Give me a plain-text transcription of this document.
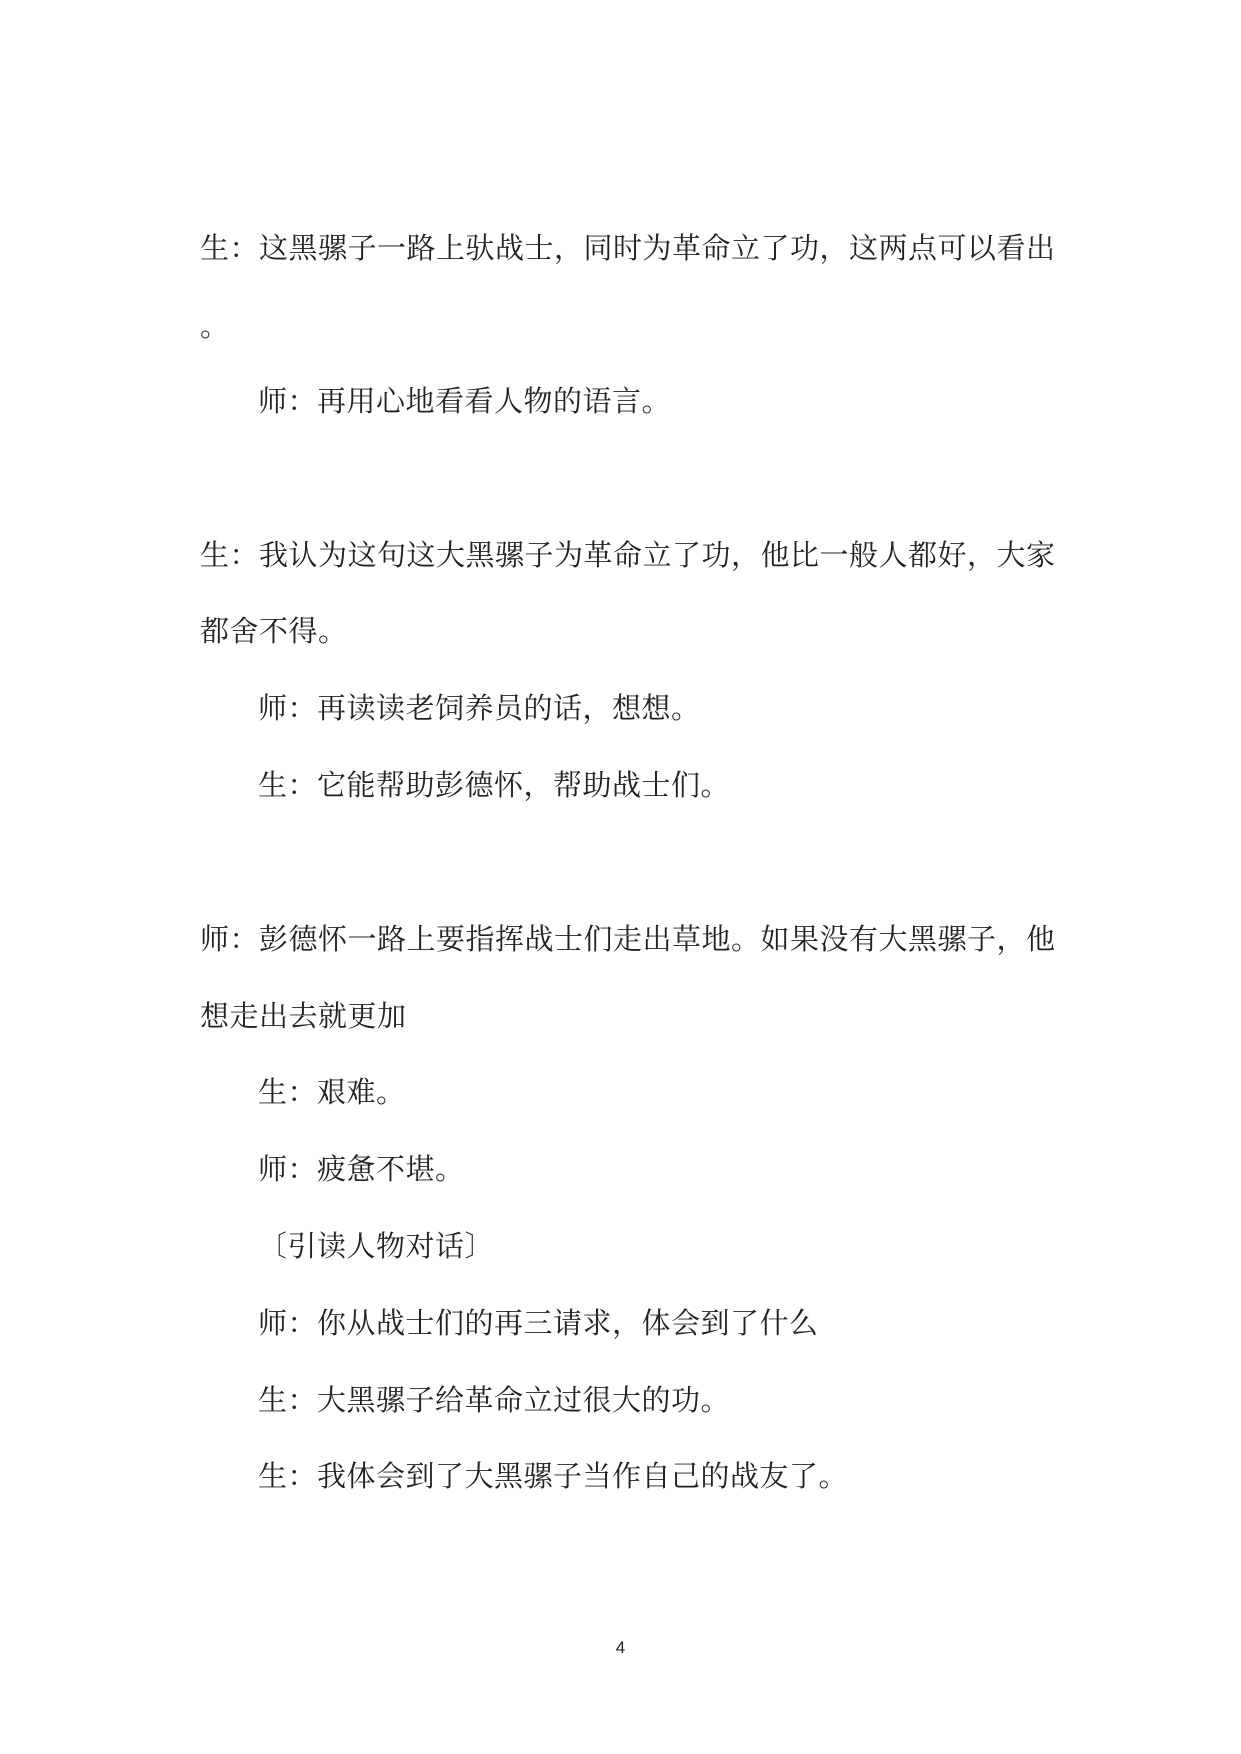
生：这黑骡子一路上驮战士，同时为革命立了功，这两点可以看出
。
师：再用心地看看人物的语言。
生：我认为这句这大黑骡子为革命立了功，他比一般人都好，大家
都舍不得。
师：再读读老饲养员的话，想想。
生：它能帮助彭德怀，帮助战士们。
师：彭德怀一路上要指挥战士们走出草地。如果没有大黑骡子，他
想走出去就更加
生：艰难。
师：疲惫不堪。
〔引读人物对话〕
师：你从战士们的再三请求，体会到了什么
生：大黑骡子给革命立过很大的功。
生：我体会到了大黑骡子当作自己的战友了。
4
